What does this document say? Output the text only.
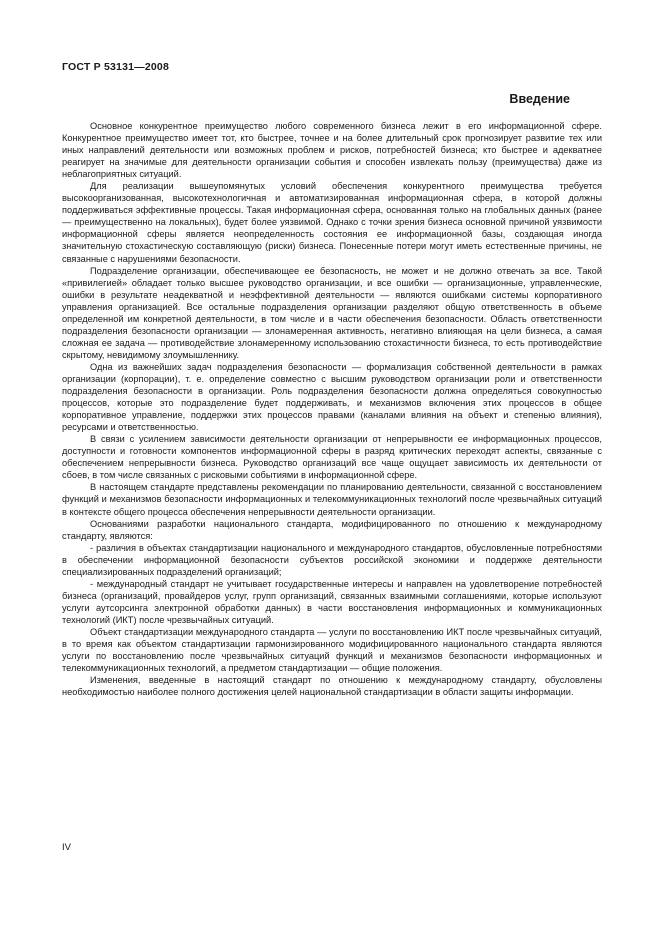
ГОСТ Р 53131—2008
Введение

Основное конкурентное преимущество любого современного бизнеса лежит в его информационной сфере. Конкурентное преимущество имеет тот, кто быстрее, точнее и на более длительный срок прогнозирует развитие тех или иных направлений деятельности или возможных проблем и рисков, потребностей бизнеса; кто быстрее и адекватнее реагирует на значимые для деятельности организации события и способен извлекать пользу (преимущества) даже из неблагоприятных ситуаций.

Для реализации вышеупомянутых условий обеспечения конкурентного преимущества требуется высокоорганизованная, высокотехнологичная и автоматизированная информационная сфера, в которой должны поддерживаться эффективные процессы. Такая информационная сфера, основанная только на глобальных данных (ранее — преимущественно на локальных), будет более уязвимой. Однако с точки зрения бизнеса основной причиной уязвимости информационной сферы является неопределенность состояния ее информационной базы, создающая иногда значительную стохастическую составляющую (риски) бизнеса. Понесенные потери могут иметь естественные причины, не связанные с нарушениями безопасности.

Подразделение организации, обеспечивающее ее безопасность, не может и не должно отвечать за все. Такой «привилегией» обладает только высшее руководство организации, и все ошибки — организационные, управленческие, ошибки в результате неадекватной и неэффективной деятельности — являются ошибками системы корпоративного управления организацией. Все остальные подразделения организации разделяют общую ответственность в объеме определенной им конкретной деятельности, в том числе и в части обеспечения безопасности. Область ответственности подразделения безопасности организации — злонамеренная активность, негативно влияющая на цели бизнеса, а самая сложная ее задача — противодействие злонамеренному использованию стохастичности бизнеса, то есть противодействие скрытому, невидимому злоумышленнику.

Одна из важнейших задач подразделения безопасности — формализация собственной деятельности в рамках организации (корпорации), т. е. определение совместно с высшим руководством организации роли и ответственности подразделения безопасности в организации. Роль подразделения безопасности должна определяться совокупностью процессов, которые это подразделение будет поддерживать, и механизмов включения этих процессов в общее корпоративное управление, поддержки этих процессов правами (каналами влияния на объект и степенью влияния), ресурсами и ответственностью.

В связи с усилением зависимости деятельности организации от непрерывности ее информационных процессов, доступности и готовности компонентов информационной сферы в разряд критических переходят аспекты, связанные с обеспечением непрерывности бизнеса. Руководство организаций все чаще ощущает зависимость их деятельности от сбоев, в том числе связанных с рисковыми событиями в информационной сфере.

В настоящем стандарте представлены рекомендации по планированию деятельности, связанной с восстановлением функций и механизмов безопасности информационных и телекоммуникационных технологий после чрезвычайных ситуаций в контексте общего процесса обеспечения непрерывности деятельности организации.

Основаниями разработки национального стандарта, модифицированного по отношению к международному стандарту, являются:

- различия в объектах стандартизации национального и международного стандартов, обусловленные потребностями в обеспечении информационной безопасности субъектов российской экономики и поддержке деятельности специализированных подразделений организаций;

- международный стандарт не учитывает государственные интересы и направлен на удовлетворение потребностей бизнеса (организаций, провайдеров услуг, групп организаций, связанных взаимными соглашениями, которые используют услуги аутсорсинга электронной обработки данных) в части восстановления информационных и коммуникационных технологий (ИКТ) после чрезвычайных ситуаций.

Объект стандартизации международного стандарта — услуги по восстановлению ИКТ после чрезвычайных ситуаций, в то время как объектом стандартизации гармонизированного модифицированного национального стандарта являются услуги по восстановлению после чрезвычайных ситуаций функций и механизмов безопасности информационных и телекоммуникационных технологий, а предметом стандартизации — общие положения.

Изменения, введенные в настоящий стандарт по отношению к международному стандарту, обусловлены необходимостью наиболее полного достижения целей национальной стандартизации в области защиты информации.

IV
